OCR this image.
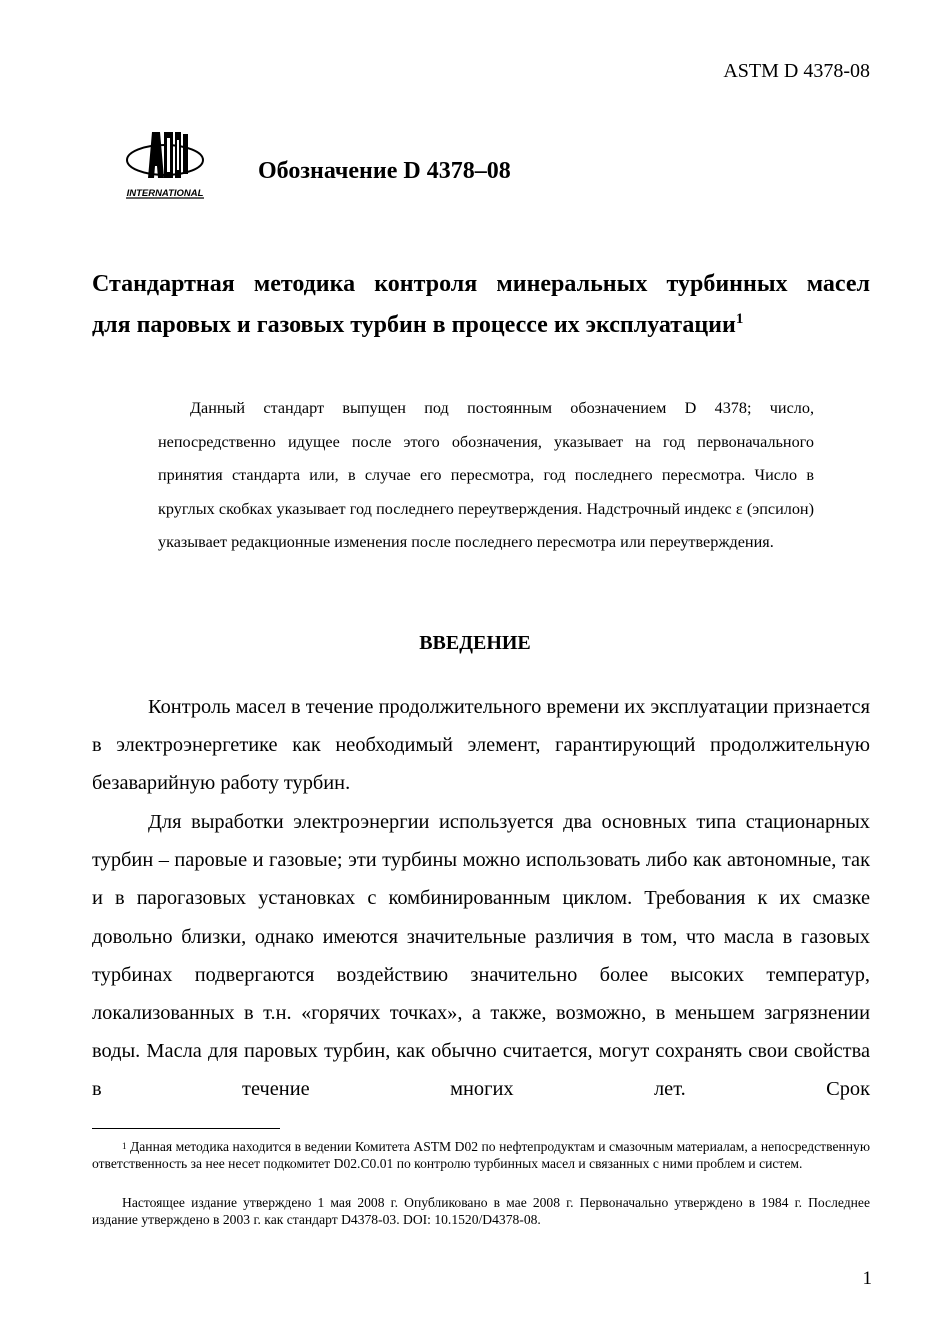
ASTM D 4378-08
INTERNATIONAL
Обозначение D 4378–08
Стандартная методика контроля минеральных турбинных масел
для паровых и газовых турбин в процессе их эксплуатации$^1$

Данный стандарт выпущен под постоянным обозначением D 4378; число, непосредственно идущее после этого обозначения, указывает на год первоначального принятия стандарта или, в случае его пересмотра, год последнего пересмотра. Число в круглых скобках указывает год последнего переутверждения. Надстрочный индекс ε (эпсилон) указывает редакционные изменения после последнего пересмотра или переутверждения.

ВВЕДЕНИЕ

Контроль масел в течение продолжительного времени их эксплуатации признается в электроэнергетике как необходимый элемент, гарантирующий продолжительную безаварийную работу турбин.

Для выработки электроэнергии используется два основных типа стационарных турбин – паровые и газовые; эти турбины можно использовать либо как автономные, так и в парогазовых установках с комбинированным циклом. Требования к их смазке довольно близки, однако имеются значительные различия в том, что масла в газовых турбинах подвергаются воздействию значительно более высоких температур, локализованных в т.н. «горячих точках», а также, возможно, в меньшем загрязнении воды. Масла для паровых турбин, как обычно считается, могут сохранять свои свойства в течение многих лет. Срок

$^1$ Данная методика находится в ведении Комитета ASTM D02 по нефтепродуктам и смазочным материалам, а непосредственную ответственность за нее несет подкомитет D02.C0.01 по контролю турбинных масел и связанных с ними проблем и систем.

Настоящее издание утверждено 1 мая 2008 г. Опубликовано в мае 2008 г. Первоначально утверждено в 1984 г. Последнее издание утверждено в 2003 г. как стандарт D4378-03. DOI: 10.1520/D4378-08.

1
